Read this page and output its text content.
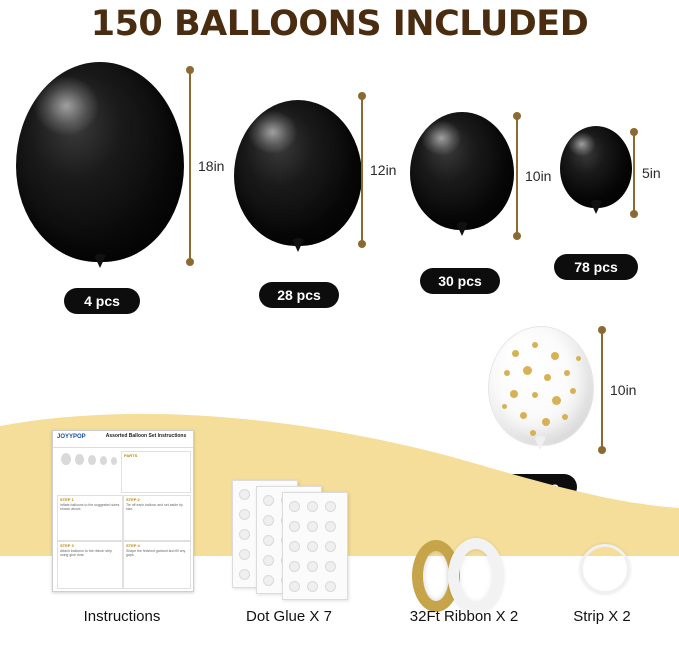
150 BALLOONS INCLUDED
18in
4 pcs
12in
28 pcs
10in
30 pcs
5in
78 pcs
10in
JOYYPOP	Assorted Balloon Set Instructions
PARTS
STEP 1
Inflate balloons to the suggested sizes shown above.
STEP 2
Tie off each balloon and set aside by size.
STEP 3
Attach balloons to the ribbon strip using glue dots.
STEP 4
Shape the finished garland and fill any gaps.
Instructions	Dot Glue X 7	32Ft Ribbon X 2	Strip X 2
